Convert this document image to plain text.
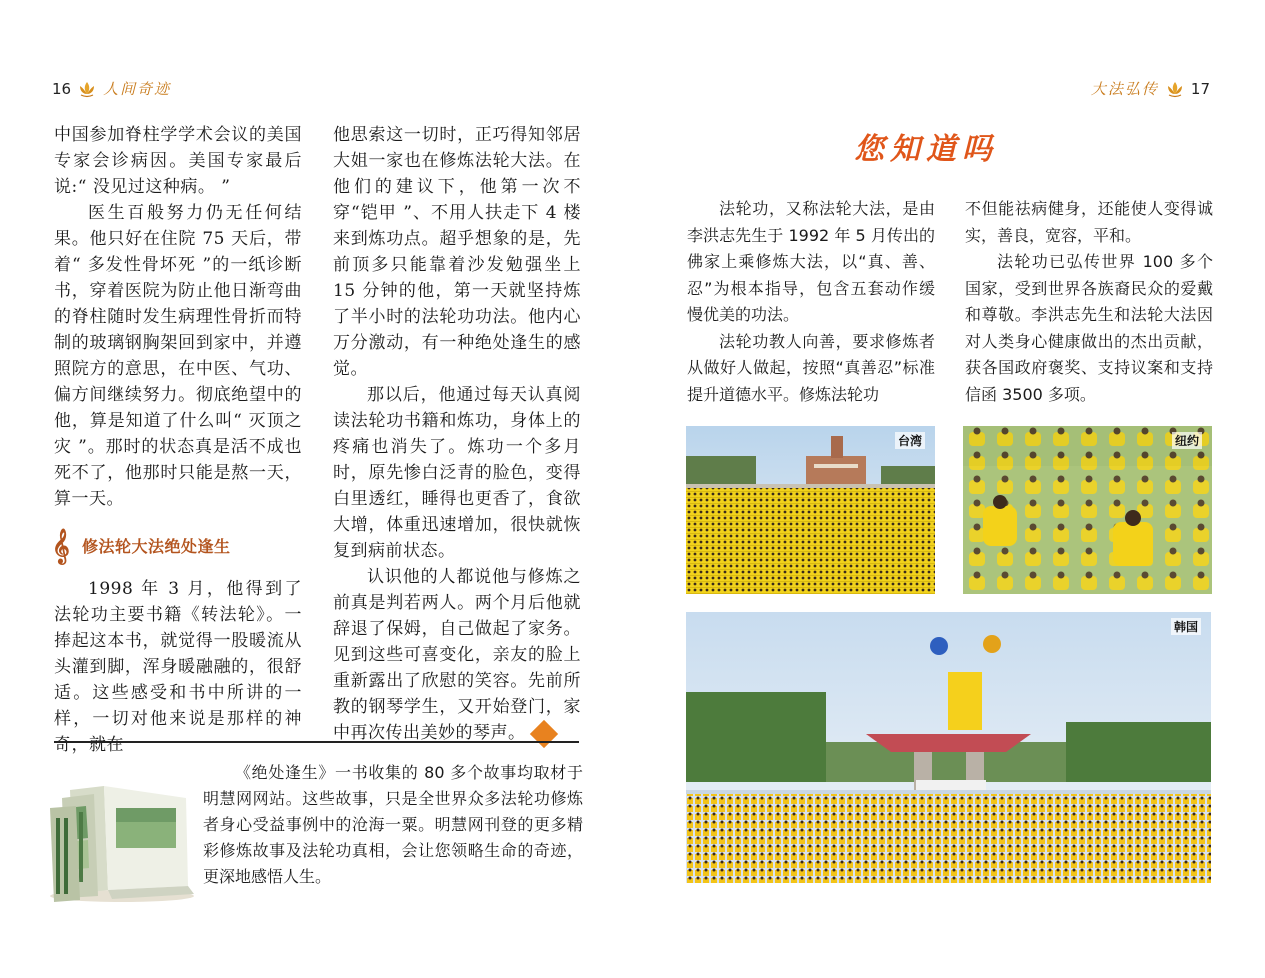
16 人间奇迹

中国参加脊柱学学术会议的美国专家会诊病因。美国专家最后说:“ 没见过这种病。 ”

医生百般努力仍无任何结果。他只好在住院 75 天后，带着“ 多发性骨坏死 ”的一纸诊断书，穿着医院为防止他日渐弯曲的脊柱随时发生病理性骨折而特制的玻璃钢胸架回到家中，并遵照院方的意思，在中医、气功、偏方间继续努力。彻底绝望中的他，算是知道了什么叫“ 灭顶之灾 ”。那时的状态真是活不成也死不了，他那时只能是熬一天，算一天。

𝄞 修法轮大法绝处逢生

1998 年 3 月，他得到了法轮功主要书籍《转法轮》。一捧起这本书，就觉得一股暖流从头灌到脚，浑身暖融融的，很舒适。这些感受和书中所讲的一样，一切对他来说是那样的神奇，就在

他思索这一切时，正巧得知邻居大姐一家也在修炼法轮大法。在他们的建议下，他第一次不穿“铠甲 ”、不用人扶走下 4 楼来到炼功点。超乎想象的是，先前顶多只能靠着沙发勉强坐上 15 分钟的他，第一天就坚持炼了半小时的法轮功功法。他内心万分激动，有一种绝处逢生的感觉。

那以后，他通过每天认真阅读法轮功书籍和炼功，身体上的疼痛也消失了。炼功一个多月时，原先惨白泛青的脸色，变得白里透红，睡得也更香了，食欲大增，体重迅速增加，很快就恢复到病前状态。

认识他的人都说他与修炼之前真是判若两人。两个月后他就辞退了保姆，自己做起了家务。见到这些可喜变化，亲友的脸上重新露出了欣慰的笑容。先前所教的钢琴学生，又开始登门，家中再次传出美妙的琴声。福

《绝处逢生》一书收集的 80 多个故事均取材于明慧网网站。这些故事，只是全世界众多法轮功修炼者身心受益事例中的沧海一粟。明慧网刊登的更多精彩修炼故事及法轮功真相，会让您领略生命的奇迹，更深地感悟人生。

大法弘传 17
您知道吗

法轮功，又称法轮大法，是由李洪志先生于 1992 年 5 月传出的佛家上乘修炼大法，以“真、善、忍”为根本指导，包含五套动作缓慢优美的功法。

法轮功教人向善，要求修炼者从做好人做起，按照“真善忍”标准提升道德水平。修炼法轮功

不但能祛病健身，还能使人变得诚实，善良，宽容，平和。

法轮功已弘传世界 100 多个国家，受到世界各族裔民众的爱戴和尊敬。李洪志先生和法轮大法因对人类身心健康做出的杰出贡献，获各国政府褒奖、支持议案和支持信函 3500 多项。

台湾	纽约
韩国
